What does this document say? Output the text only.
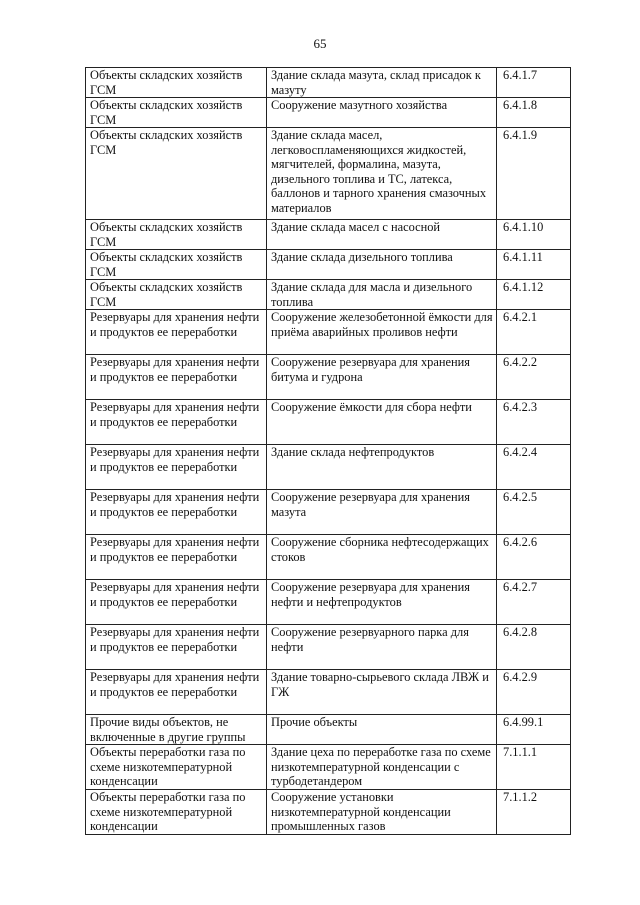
65
Объекты складских хозяйств ГСМ	Здание склада мазута, склад присадок к мазуту	6.4.1.7
Объекты складских хозяйств ГСМ	Сооружение мазутного хозяйства	6.4.1.8
Объекты складских хозяйств ГСМ	Здание склада масел, легковоспламеняющихся жидкостей, мягчителей, формалина, мазута, дизельного топлива и ТС, латекса, баллонов и тарного хранения смазочных материалов	6.4.1.9
Объекты складских хозяйств ГСМ	Здание склада масел с насосной	6.4.1.10
Объекты складских хозяйств ГСМ	Здание склада дизельного топлива	6.4.1.11
Объекты складских хозяйств ГСМ	Здание склада для масла и дизельного топлива	6.4.1.12
Резервуары для хранения нефти и продуктов ее переработки	Сооружение железобетонной ёмкости для приёма аварийных проливов нефти	6.4.2.1
Резервуары для хранения нефти и продуктов ее переработки	Сооружение резервуара для хранения битума и гудрона	6.4.2.2
Резервуары для хранения нефти и продуктов ее переработки	Сооружение ёмкости для сбора нефти	6.4.2.3
Резервуары для хранения нефти и продуктов ее переработки	Здание склада нефтепродуктов	6.4.2.4
Резервуары для хранения нефти и продуктов ее переработки	Сооружение резервуара для хранения мазута	6.4.2.5
Резервуары для хранения нефти и продуктов ее переработки	Сооружение сборника нефтесодержащих стоков	6.4.2.6
Резервуары для хранения нефти и продуктов ее переработки	Сооружение резервуара для хранения нефти и нефтепродуктов	6.4.2.7
Резервуары для хранения нефти и продуктов ее переработки	Сооружение резервуарного парка для нефти	6.4.2.8
Резервуары для хранения нефти и продуктов ее переработки	Здание товарно-сырьевого склада ЛВЖ и ГЖ	6.4.2.9
Прочие виды объектов, не включенные в другие группы	Прочие объекты	6.4.99.1
Объекты переработки газа по схеме низкотемпературной конденсации	Здание цеха по переработке газа по схеме низкотемпературной конденсации с турбодетандером	7.1.1.1
Объекты переработки газа по схеме низкотемпературной конденсации	Сооружение установки низкотемпературной конденсации промышленных газов	7.1.1.2
